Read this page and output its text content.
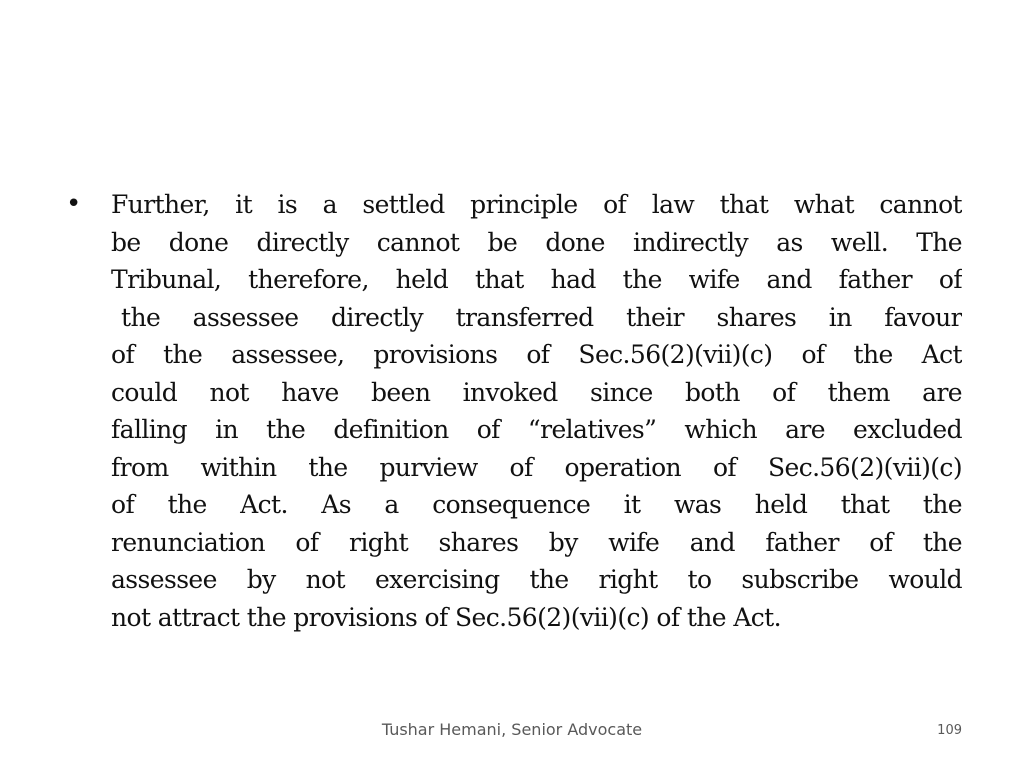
•	Further, it is a settled principle of law that what cannot
be done directly cannot be done indirectly as well. The
Tribunal, therefore, held that had the wife and father of
the assessee directly transferred their shares in favour
of the assessee, provisions of Sec.56(2)(vii)(c) of the Act
could not have been invoked since both of them are
falling in the definition of “relatives” which are excluded
from within the purview of operation of Sec.56(2)(vii)(c)
of the Act. As a consequence it was held that the
renunciation of right shares by wife and father of the
assessee by not exercising the right to subscribe would
not attract the provisions of Sec.56(2)(vii)(c) of the Act.
Tushar Hemani, Senior Advocate	109
